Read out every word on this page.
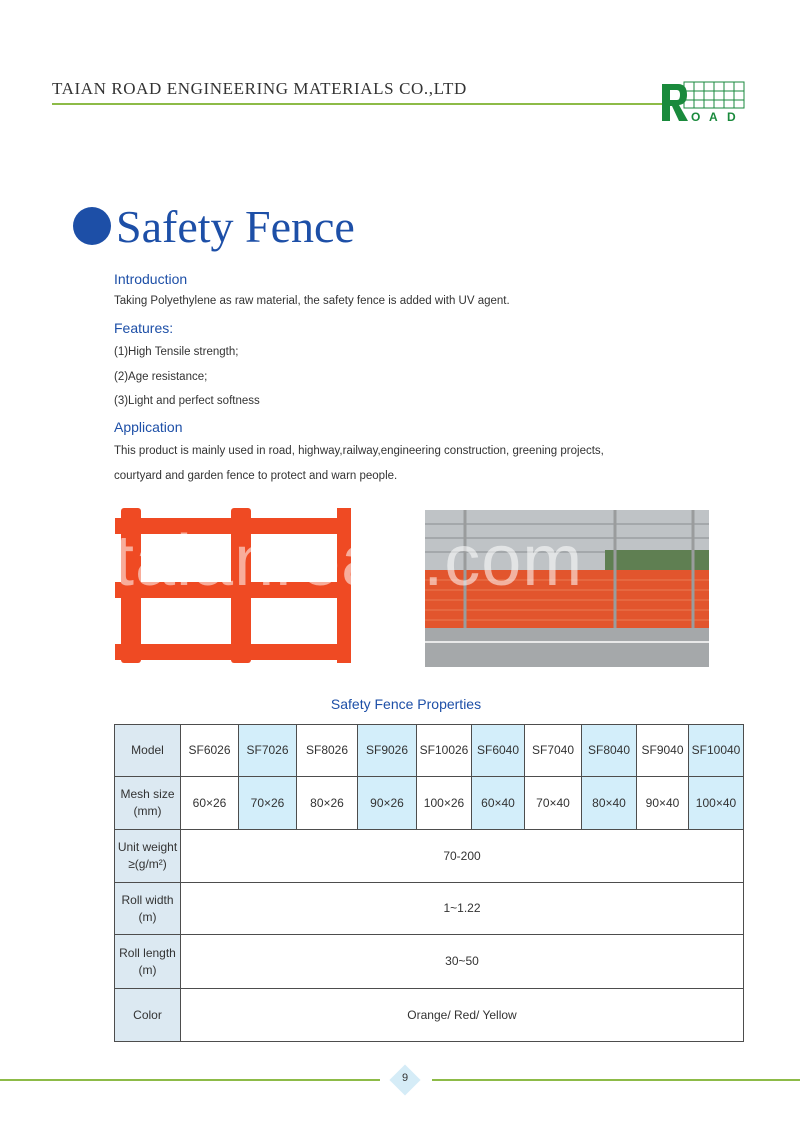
TAIAN ROAD ENGINEERING MATERIALS CO.,LTD
O A D
Safety Fence
Introduction
Taking Polyethylene as raw material, the safety fence is added with UV agent.
Features:
(1)High Tensile strength;
(2)Age resistance;
(3)Light and perfect softness
Application
This product is mainly used in road, highway,railway,engineering construction, greening projects,
courtyard and garden fence to protect and warn people.
taianroad.com
Safety Fence Properties
Model	SF6026	SF7026	SF8026	SF9026	SF10026	SF6040	SF7040	SF8040	SF9040	SF10040
Mesh size
(mm)	60×26	70×26	80×26	90×26	100×26	60×40	70×40	80×40	90×40	100×40
Unit weight
≥(g/m²)	70-200									
Roll width
(m)	1~1.22									
Roll length
(m)	30~50									
Color	Orange/ Red/ Yellow									
9
